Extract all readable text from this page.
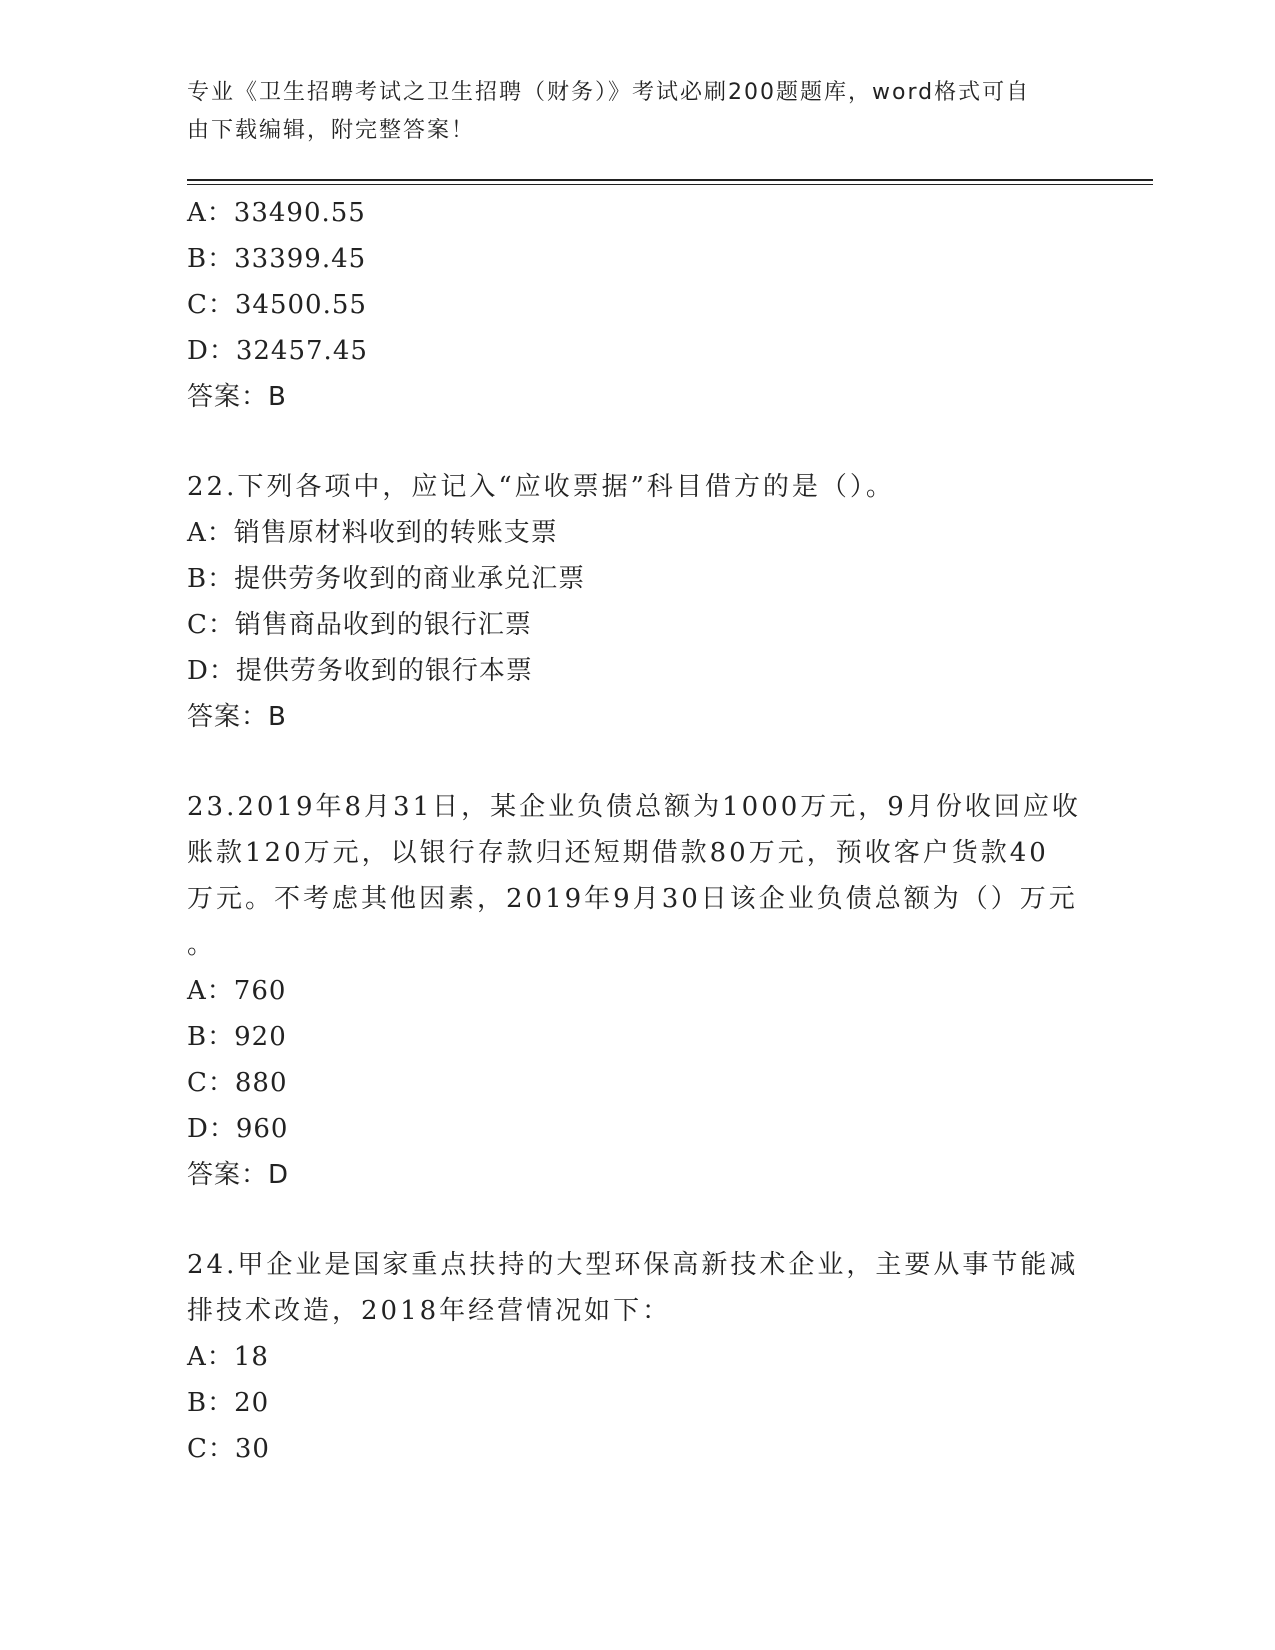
专业《卫生招聘考试之卫生招聘（财务）》考试必刷200题题库，word格式可自
由下载编辑，附完整答案！
A：33490.55
B：33399.45
C：34500.55
D：32457.45
答案：B
22.下列各项中，应记入“应收票据”科目借方的是（）。
A：销售原材料收到的转账支票
B：提供劳务收到的商业承兑汇票
C：销售商品收到的银行汇票
D：提供劳务收到的银行本票
答案：B
23.2019年8月31日，某企业负债总额为1000万元，9月份收回应收
账款120万元，以银行存款归还短期借款80万元，预收客户货款40
万元。不考虑其他因素，2019年9月30日该企业负债总额为（）万元
。
A：760
B：920
C：880
D：960
答案：D
24.甲企业是国家重点扶持的大型环保高新技术企业，主要从事节能减
排技术改造，2018年经营情况如下：
A：18
B：20
C：30
